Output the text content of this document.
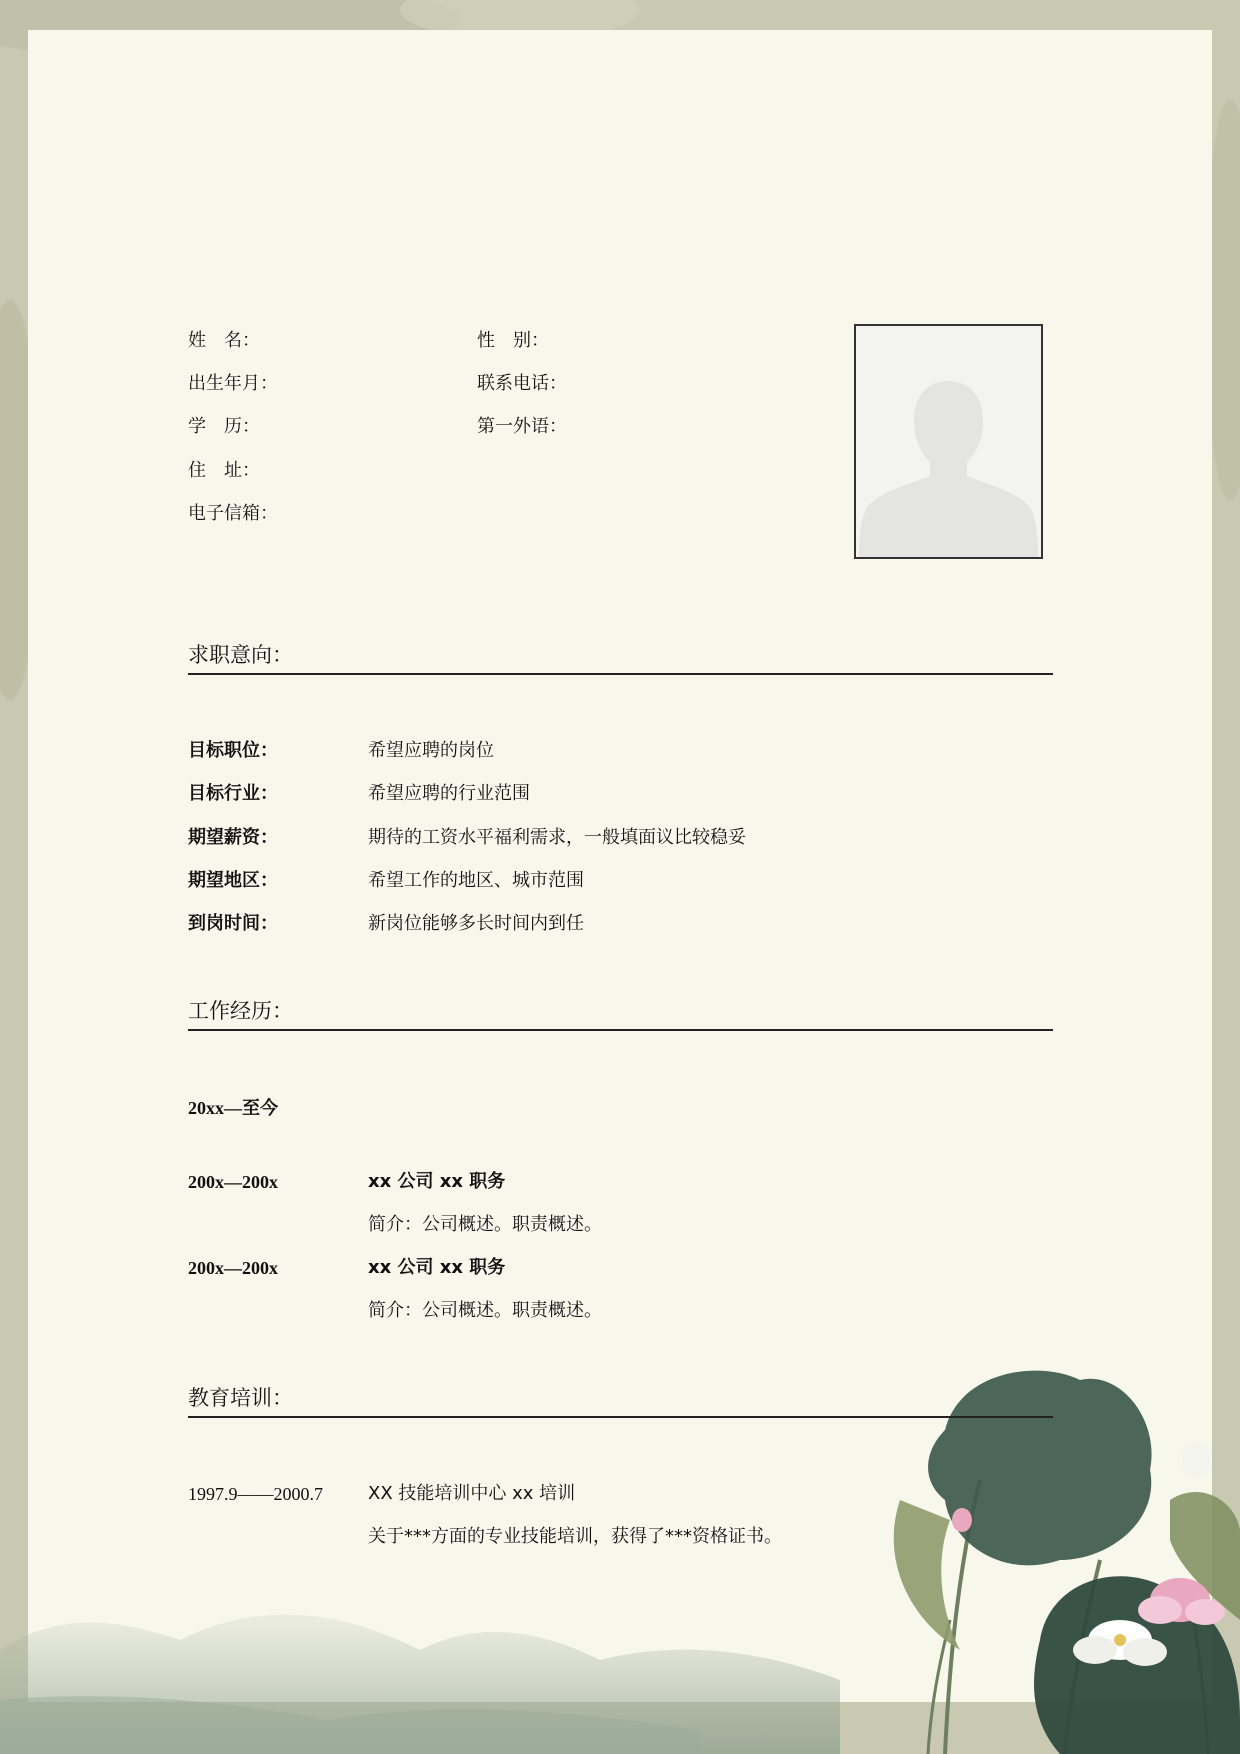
姓　名：	性　别：
出生年月：	联系电话：
学　历：	第一外语：
住　址：
电子信箱：
求职意向：
目标职位：	希望应聘的岗位
目标行业：	希望应聘的行业范围
期望薪资：	期待的工资水平福利需求，一般填面议比较稳妥
期望地区：	希望工作的地区、城市范围
到岗时间：	新岗位能够多长时间内到任
工作经历：
20xx—至今
200x—200x	xx 公司 xx 职务
简介：公司概述。职责概述。
200x—200x	xx 公司 xx 职务
简介：公司概述。职责概述。
教育培训：
1997.9——2000.7	XX 技能培训中心 xx 培训
关于***方面的专业技能培训，获得了***资格证书。
